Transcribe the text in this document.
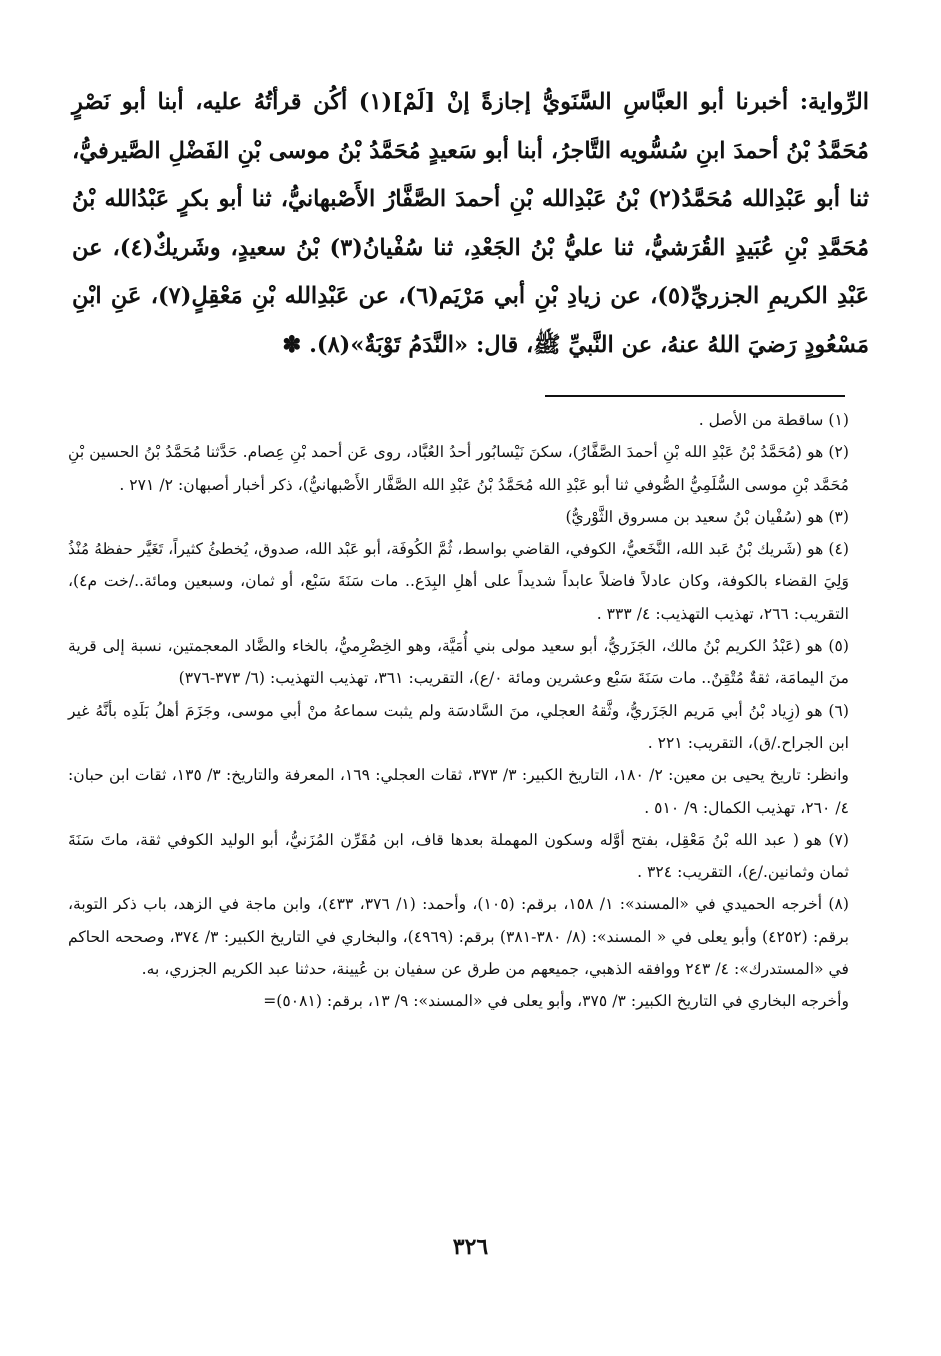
الرِّواية: أخبرنا أبو العبَّاسِ السَّنَويُّ إجازةً إنْ [لَمْ](١) أكُن قرأتُهُ عليه، أبنا أبو نَصْرٍ مُحَمَّدُ بْنُ أحمدَ ابنِ سُسُّويه التَّاجرُ، أبنا أبو سَعيدٍ مُحَمَّدُ بْنُ موسى بْنِ الفَضْلِ الصَّيرفيُّ، ثنا أبو عَبْدِالله مُحَمَّدُ(٢) بْنُ عَبْدِالله بْنِ أحمدَ الصَّفَّارُ الأَصْبهانيُّ، ثنا أبو بكرٍ عَبْدُالله بْنُ مُحَمَّدِ بْنِ عُبَيدٍ القُرَشيُّ، ثنا عليُّ بْنُ الجَعْدِ، ثنا سُفْيانُ(٣) بْنُ سعيدٍ، وشَريكٌ(٤)، عن عَبْدِ الكريمِ الجزريِّ(٥)، عن زيادِ بْنِ أبي مَرْيَم(٦)، عن عَبْدِالله بْنِ مَعْقِلٍ(٧)، عَنِ ابْنِ مَسْعُودٍ رَضيَ اللهُ عنهُ، عن النَّبيِّ ﷺ، قال: «النَّدَمُ تَوْبَةٌ»(٨). ✽

(١) ساقطة من الأصل .

(٢) هو (مُحَمَّدُ بْنُ عَبْدِ الله بْنِ أحمدَ الصَّفَّارُ)، سكنَ نَيْسابُور أحدُ العُبَّاد، روى عَن أحمد بْنِ عِصام. حَدَّثنا مُحَمَّدُ بْنُ الحسين بْنِ مُحَمَّد بْنِ موسى السُّلَمِيُّ الصُّوفي ثنا أبو عَبْدِ الله مُحَمَّدُ بْنُ عَبْدِ الله الصَّفَّار الأَصْبهانيُّ)، ذكر أخبار أصبهان: ٢/ ٢٧١ .

(٣) هو (سُفْيان بْنُ سعيد بن مسروق الثَّوْريُّ)

(٤) هو (شَريك بْنُ عَبد الله، النَّخَعيُّ، الكوفي، القاضي بواسط، ثُمَّ الكُوفَة، أبو عَبْد الله، صدوق، يُخطئُ كثيراً، تَغَيَّر حفظهُ مُنْذُ وَلِيَ القضاء بالكوفة، وكان عادلاً فاضلاً عابداً شديداً على أهلِ البِدَع.. مات سَنَةَ سَبْع، أو ثمان، وسبعين ومائة../خت م٤)، التقريب: ٢٦٦، تهذيب التهذيب: ٤/ ٣٣٣ .

(٥) هو (عَبْدُ الكريم بْنُ مالك، الجَزَريُّ، أبو سعيد مولى بني أُمَيَّة، وهو الخِضْرِميُّ، بالخاء والضَّاد المعجمتين، نسبة إلى قرية منَ اليمامَة، ثقةٌ مُتْقِنٌ.. مات سَنَةَ سَبْع وعشرين ومائة ٠/ع)، التقريب: ٣٦١، تهذيب التهذيب: (٦/ ٣٧٣-٣٧٦)

(٦) هو (زِياد بْنُ أبي مَريم الجَزَريُّ، وثَّقهُ العجلي، منَ السَّادسَة ولم يثبت سماعهُ منْ أبي موسى، وجَزَمَ أهلُ بَلَدِه بأنَّهُ غير ابن الجراح./ق)، التقريب: ٢٢١ .

وانظر: تاريخ يحيى بن معين: ٢/ ١٨٠، التاريخ الكبير: ٣/ ٣٧٣، ثقات العجلي: ١٦٩، المعرفة والتاريخ: ٣/ ١٣٥، ثقات ابن حبان: ٤/ ٢٦٠، تهذيب الكمال: ٩/ ٥١٠ .

(٧) هو ( عبد الله بْنُ مَعْقِل، بفتح أوَّله وسكون المهملة بعدها قاف، ابن مُقَرِّن المُزَنيُّ، أبو الوليد الكوفي ثقة، ماتَ سَنَةَ ثمان وثمانين./ع)، التقريب: ٣٢٤ .

(٨) أخرجه الحميدي في «المسند»: ١/ ١٥٨، برقم: (١٠٥)، وأحمد: (١/ ٣٧٦، ٤٣٣)، وابن ماجة في الزهد، باب ذكر التوبة، برقم: (٤٢٥٢) وأبو يعلى في « المسند»: (٨/ ٣٨٠-٣٨١) برقم: (٤٩٦٩)، والبخاري في التاريخ الكبير: ٣/ ٣٧٤، وصححه الحاكم في «المستدرك»: ٤/ ٢٤٣ ووافقه الذهبي، جميعهم من طرق عن سفيان بن عُيينة، حدثنا عبد الكريم الجزري، به.

وأخرجه البخاري في التاريخ الكبير: ٣/ ٣٧٥، وأبو يعلى في «المسند»: ٩/ ١٣، برقم: (٥٠٨١)=

٣٢٦
